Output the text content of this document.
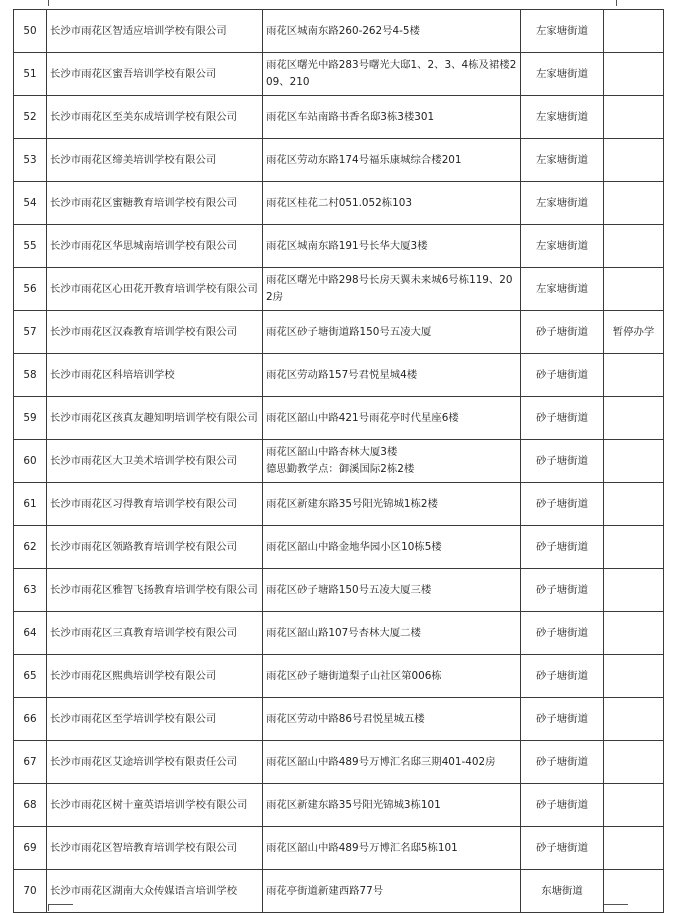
50	长沙市雨花区智适应培训学校有限公司	雨花区城南东路260-262号4-5楼	左家塘街道	
51	长沙市雨花区蜜吾培训学校有限公司	雨花区曙光中路283号曙光大邸1、2、3、4栋及裙楼209、210	左家塘街道	
52	长沙市雨花区至美东成培训学校有限公司	雨花区车站南路书香名邸3栋3楼301	左家塘街道	
53	长沙市雨花区缔美培训学校有限公司	雨花区劳动东路174号福乐康城综合楼201	左家塘街道	
54	长沙市雨花区蜜糖教育培训学校有限公司	雨花区桂花二村051.052栋103	左家塘街道	
55	长沙市雨花区华思城南培训学校有限公司	雨花区城南东路191号长华大厦3楼	左家塘街道	
56	长沙市雨花区心田花开教育培训学校有限公司	雨花区曙光中路298号长房天翼未来城6号栋119、202房	左家塘街道	
57	长沙市雨花区汉森教育培训学校有限公司	雨花区砂子塘街道路150号五凌大厦	砂子塘街道	暂停办学
58	长沙市雨花区科培培训学校	雨花区劳动路157号君悦星城4楼	砂子塘街道	
59	长沙市雨花区孩真友趣知明培训学校有限公司	雨花区韶山中路421号雨花亭时代星座6楼	砂子塘街道	
60	长沙市雨花区大卫美术培训学校有限公司	雨花区韶山中路杏林大厦3楼
德思勤教学点：御溪国际2栋2楼	砂子塘街道	
61	长沙市雨花区习得教育培训学校有限公司	雨花区新建东路35号阳光锦城1栋2楼	砂子塘街道	
62	长沙市雨花区领路教育培训学校有限公司	雨花区韶山中路金地华园小区10栋5楼	砂子塘街道	
63	长沙市雨花区雅智飞扬教育培训学校有限公司	雨花区砂子塘路150号五凌大厦三楼	砂子塘街道	
64	长沙市雨花区三真教育培训学校有限公司	雨花区韶山路107号杏林大厦二楼	砂子塘街道	
65	长沙市雨花区熙典培训学校有限公司	雨花区砂子塘街道梨子山社区第006栋	砂子塘街道	
66	长沙市雨花区至学培训学校有限公司	雨花区劳动中路86号君悦星城五楼	砂子塘街道	
67	长沙市雨花区艾途培训学校有限责任公司	雨花区韶山中路489号万博汇名邸三期401-402房	砂子塘街道	
68	长沙市雨花区树十童英语培训学校有限公司	雨花区新建东路35号阳光锦城3栋101	砂子塘街道	
69	长沙市雨花区智培教育培训学校有限公司	雨花区韶山中路489号万博汇名邸5栋101	砂子塘街道	
70	长沙市雨花区湖南大众传媒语言培训学校	雨花亭街道新建西路77号	东塘街道	
